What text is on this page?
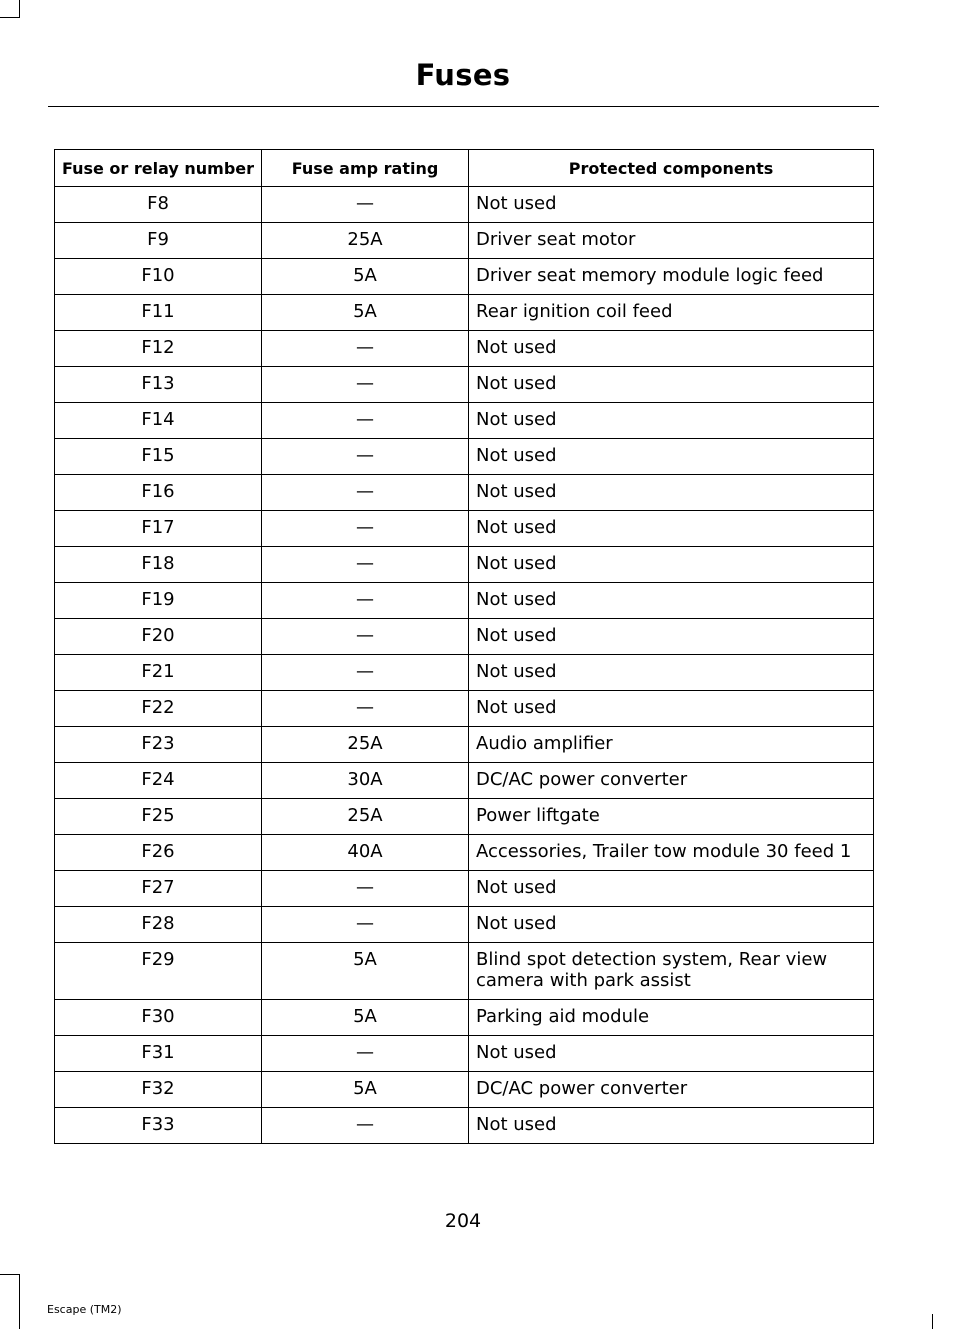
Fuses
Fuse or relay number	Fuse amp rating	Protected components
F8	—	Not used
F9	25A	Driver seat motor
F10	5A	Driver seat memory module logic feed
F11	5A	Rear ignition coil feed
F12	—	Not used
F13	—	Not used
F14	—	Not used
F15	—	Not used
F16	—	Not used
F17	—	Not used
F18	—	Not used
F19	—	Not used
F20	—	Not used
F21	—	Not used
F22	—	Not used
F23	25A	Audio amplifier
F24	30A	DC/AC power converter
F25	25A	Power liftgate
F26	40A	Accessories, Trailer tow module 30 feed 1
F27	—	Not used
F28	—	Not used
F29	5A	Blind spot detection system, Rear view camera with park assist
F30	5A	Parking aid module
F31	—	Not used
F32	5A	DC/AC power converter
F33	—	Not used
204
Escape (TM2)
